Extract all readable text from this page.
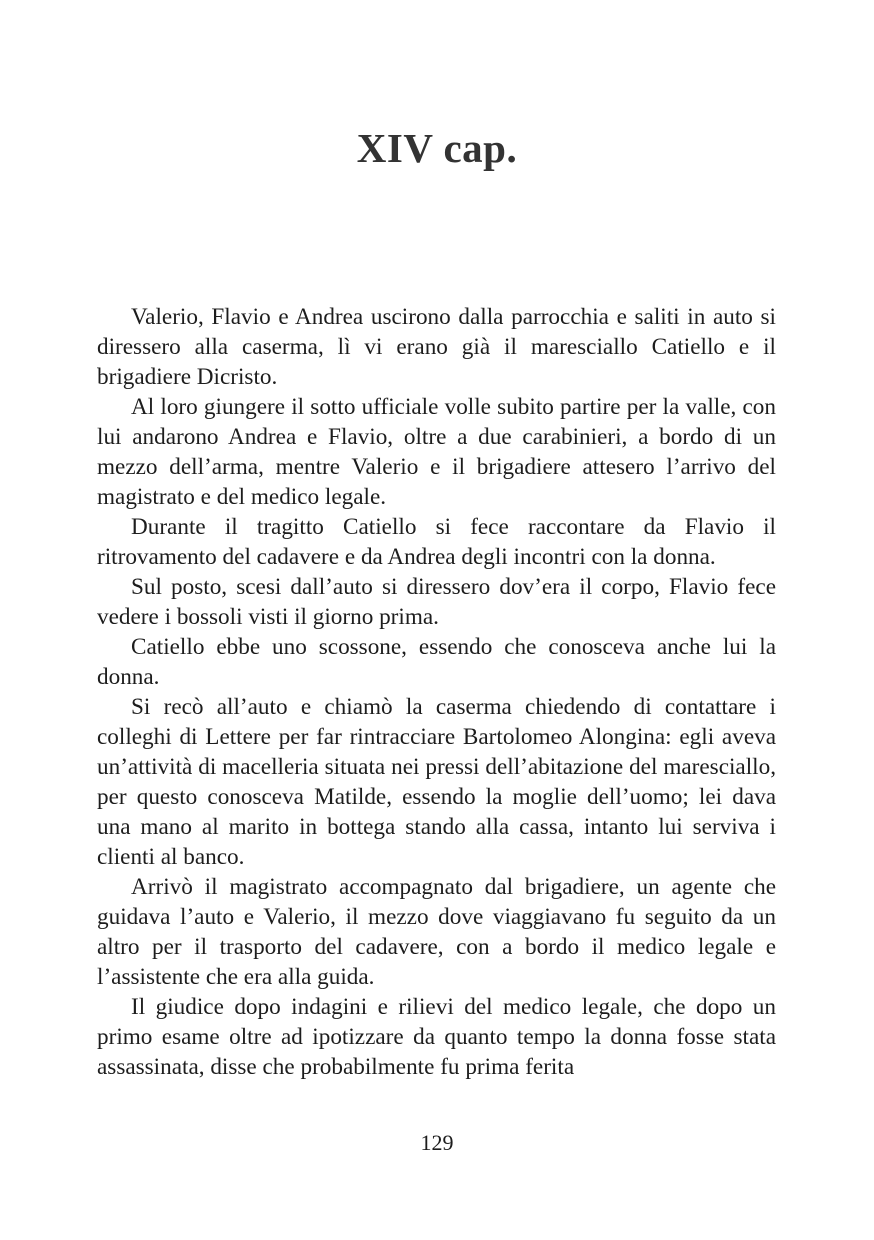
XIV cap.

Valerio, Flavio e Andrea uscirono dalla parrocchia e saliti in auto si diressero alla caserma, lì vi erano già il maresciallo Catiello e il brigadiere Dicristo.

Al loro giungere il sotto ufficiale volle subito partire per la valle, con lui andarono Andrea e Flavio, oltre a due carabinieri, a bordo di un mezzo dell’arma, mentre Valerio e il brigadiere attesero l’arrivo del magistrato e del medico legale.

Durante il tragitto Catiello si fece raccontare da Flavio il ritrovamento del cadavere e da Andrea degli incontri con la donna.

Sul posto, scesi dall’auto si diressero dov’era il corpo, Flavio fece vedere i bossoli visti il giorno prima.

Catiello ebbe uno scossone, essendo che conosceva anche lui la donna.

Si recò all’auto e chiamò la caserma chiedendo di contattare i colleghi di Lettere per far rintracciare Bartolomeo Alongina: egli aveva un’attività di macelleria situata nei pressi dell’abitazione del maresciallo, per questo conosceva Matilde, essendo la moglie dell’uomo; lei dava una mano al marito in bottega stando alla cassa, intanto lui serviva i clienti al banco.

Arrivò il magistrato accompagnato dal brigadiere, un agente che guidava l’auto e Valerio, il mezzo dove viaggiavano fu seguito da un altro per il trasporto del cadavere, con a bordo il medico legale e l’assistente che era alla guida.

Il giudice dopo indagini e rilievi del medico legale, che dopo un primo esame oltre ad ipotizzare da quanto tempo la donna fosse stata assassinata, disse che probabilmente fu prima ferita

129
